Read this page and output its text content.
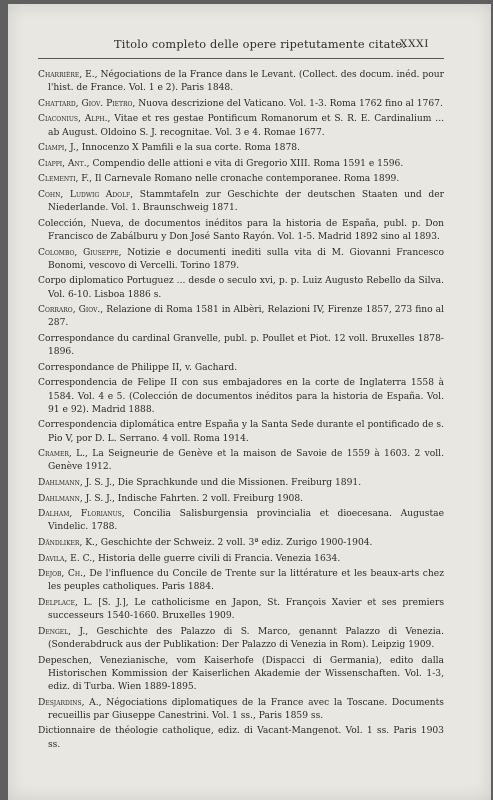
Titolo completo delle opere ripetutamente citate.
XXXI
Charrière, E., Négociations de la France dans le Levant. (Collect. des docum. inéd. pour l'hist. de France. Vol. 1 e 2). Paris 1848.
Chattard, Giov. Pietro, Nuova descrizione del Vaticano. Vol. 1-3. Roma 1762 fino al 1767.
Ciaconius, Alph., Vitae et res gestae Pontificum Romanorum et S. R. E. Cardinalium ... ab August. Oldoino S. J. recognitae. Vol. 3 e 4. Romae 1677.
Ciampi, J., Innocenzo X Pamfili e la sua corte. Roma 1878.
Ciappi, Ant., Compendio delle attioni e vita di Gregorio XIII. Roma 1591 e 1596.
Clementi, F., Il Carnevale Romano nelle cronache contemporanee. Roma 1899.
Cohn, Ludwig Adolf, Stammtafeln zur Geschichte der deutschen Staaten und der Niederlande. Vol. 1. Braunschweig 1871.
Colección, Nueva, de documentos inéditos para la historia de España, publ. p. Don Francisco de Zabálburu y Don José Santo Rayón. Vol. 1-5. Madrid 1892 sino al 1893.
Colombo, Giuseppe, Notizie e documenti inediti sulla vita di M. Giovanni Francesco Bonomi, vescovo di Vercelli. Torino 1879.
Corpo diplomatico Portuguez ... desde o seculo xvi, p. p. Luiz Augusto Rebello da Silva. Vol. 6-10. Lisboa 1886 s.
Corraro, Giov., Relazione di Roma 1581 in Albèri, Relazioni IV, Firenze 1857, 273 fino al 287.
Correspondance du cardinal Granvelle, publ. p. Poullet et Piot. 12 voll. Bruxelles 1878-1896.
Correspondance de Philippe II, v. Gachard.
Correspondencia de Felipe II con sus embajadores en la corte de Inglaterra 1558 à 1584. Vol. 4 e 5. (Colección de documentos inéditos para la historia de España. Vol. 91 e 92). Madrid 1888.
Correspondencia diplomática entre España y la Santa Sede durante el pontificado de s. Pio V, por D. L. Serrano. 4 voll. Roma 1914.
Cramer, L., La Seigneurie de Genève et la maison de Savoie de 1559 à 1603. 2 voll. Genève 1912.
Dahlmann, J. S. J., Die Sprachkunde und die Missionen. Freiburg 1891.
Dahlmann, J. S. J., Indische Fahrten. 2 voll. Freiburg 1908.
Dalham, Florianus, Concilia Salisburgensia provincialia et dioecesana. Augustae Vindelic. 1788.
Dändliker, K., Geschichte der Schweiz. 2 voll. 3ª ediz. Zurigo 1900-1904.
Davila, E. C., Historia delle guerre civili di Francia. Venezia 1634.
Dejob, Ch., De l'influence du Concile de Trente sur la littérature et les beaux-arts chez les peuples catholiques. Paris 1884.
Delplace, L. [S. J.], Le catholicisme en Japon, St. François Xavier et ses premiers successeurs 1540-1660. Bruxelles 1909.
Dengel, J., Geschichte des Palazzo di S. Marco, genannt Palazzo di Venezia. (Sonderabdruck aus der Publikation: Der Palazzo di Venezia in Rom). Leipzig 1909.
Depeschen, Venezianische, vom Kaiserhofe (Dispacci di Germania), edito dalla Historischen Kommission der Kaiserlichen Akademie der Wissenschaften. Vol. 1-3, ediz. di Turba. Wien 1889-1895.
Desjardins, A., Négociations diplomatiques de la France avec la Toscane. Documents recueillis par Giuseppe Canestrini. Vol. 1 ss., Paris 1859 ss.
Dictionnaire de théologie catholique, ediz. di Vacant-Mangenot. Vol. 1 ss. Paris 1903 ss.
